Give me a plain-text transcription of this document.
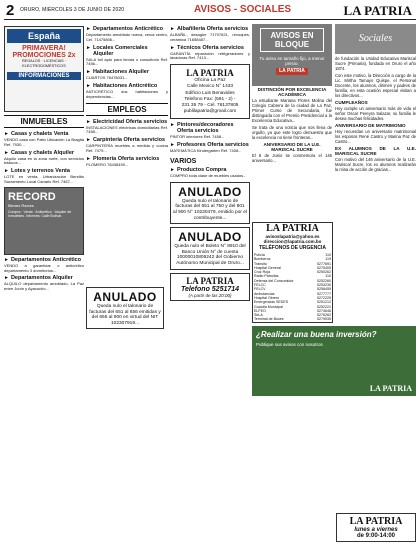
2 ORURO, MIÉRCOLES 3 DE JUNIO DE 2020	AVISOS - SOCIALES	LA PATRIA
España
PRIMAVERA! PROMOCIONES 2x
REGALOS · LICENCIAS · ELECTRODOMÉSTICOS
INFORMACIONES
INMUEBLES
► Casas y chalets Venta
VENDO casa con Patio Ubicación La Bragita Ref. 7930...
► Casas y chalets Alquiler
Alquilo casa en la zona norte, con servicios básicos...
► Lotes y terrenos Venta
LOTE en venta, Urbanización Bendito Sacramento Local Canario Ref. 7467...
RECORD
Bienes Raíces
Compra · Venta · Anticrético · Alquiler de inmuebles. Informes: Calle Bolívar.
► Departamentos Anticrético
VENDO a garantizar o anticrético departamento 3 dormitorios...
► Departamentos Alquiler
ALQUILO departamento amoblado, La Paz entre Junín y Ayacucho...
► Departamentos Anticrético
Departamento amoblado nueva, cerca centro, Cel. 71475806...
► Locales Comerciales Alquiler
SALA full apto para tienda o consultorio Ref. 7456...
► Habitaciones Alquiler
CUARTOS 76478031...
► Habitaciones Anticrético
ANTICRÉTICO dos habitaciones y dependencias...
EMPLEOS
► Electricidad Oferta servicios
INSTALACIONES eléctricas domiciliarias Ref. 7458...
► Carpintería Oferta servicios
CARPINTERÍA muebles a medida y cocina Ref. 7479...
► Plomería Oferta servicios
PLOMERO 78438490...
► Albañilería Oferta servicios
ALBAÑIL, desagüe 71797621, revoques, cerámica 71658487...
► Técnicos Oferta servicios
GARANTÍA reparación refrigeradores y lavadoras Ref. 7413...
LA PATRIA
Oficina La Paz
Calle Mexico N° 1433
Edificio Luis Benavides
Telefono Fax: (591 - 2) -
231 35 79 - Cel. 76137805
publilapatria@gmail.com
► Pintores/decoradores Oferta servicios
PINTOR interiores Ref. 7458...
► Profesores Oferta servicios
MATEMÁTICA Kindergarten Ref. 7406...
VARIOS
► Productos Compra
COMPRO toda clase de muebles usados...
ANULADO
Queda nulo el talonario de facturas del 651 al 750 y del 801 al 900 N° 10230479, emitido por el contribuyente...
ANULADO
Queda nulo el Boleto N° 8910 del Banco Unión N° de cuenta 10000010806242 del Gobierno Autónomo Municipal de Oruro...
LA PATRIA
Telefono 5251714
(A partir de las 20:00)
ANULADO
Queda nulo el talonario de facturas del 651 al 656 emitidas y del 655 al 900 en virtud del NIT 102307919...
AVISOS EN BLOQUE
Tu aviso en tamaño fijo, a menor precio.
LA PATRIA
DISTINCIÓN POR EXCELENCIA ACADÉMICA

La estudiante Mariana Flores Molina del Colegio Cabrera de la ciudad de La Paz, Primer Curso de Secundaria, fue distinguida con el Premio Presidencial a la Excelencia Educativa...

Se trata de una noticia que nos llena de orgullo, ya que este logro demuestra que la excelencia no tiene fronteras...

ANIVERSARIO DE LA U.E. MARISCAL SUCRE

El 6 de Junio se conmemora el 146 aniversario...

Sociales

de fundación la Unidad Educativa Mariscal Sucre (Primaria), fundada en Oruro el año 1874.

Con este motivo, la Dirección a cargo de la Lic. Mirtha Tamayo Quispe, el Personal Docente, los alumnos, dirimen y padres de familia, en esta ocasión especial visitan a los directivos...

CUMPLEAÑOS

Hoy cumple un aniversario más de vida el señor Oscar Pereyra Salazar, su familia le desea muchas felicidades.

ANIVERSARIO DE MATRIMONIO

Hoy recuerdan un aniversario matrimonial los esposos René Castro y Marina Paz de Castro...

EX ALUMNOS DE LA U.E. MARISCAL SUCRE

Con motivo del 146 aniversario de la U.E. Mariscal Sucre, los ex alumnos realizarán la misa de acción de gracias...

LA PATRIA
avisoslapatria@yahoo.es
direccion@lapatria.com.bo
TELÉFONOS DE URGENCIA
Policía	110
Bomberos	119
Tránsito	5277691
Hospital General	5275405
Cruz Roja	5250262
Radio Patrullas	110
Defensa del Consumidor	5252260
FELCC	5253230
FELCV	5258455
Ambulancias	5277777
Hospital Obrero	5272225
Emergencias SEDES	5251212
Guardia Municipal	5252222
ELFEO	5274646
SeLA	5276262
Terminal de Buses	5279535
¿Realizar una buena inversión?
Publique sus avisos con nosotros
LA PATRIA
LA PATRIA
lunes a viernes
de 9:00-14:00
